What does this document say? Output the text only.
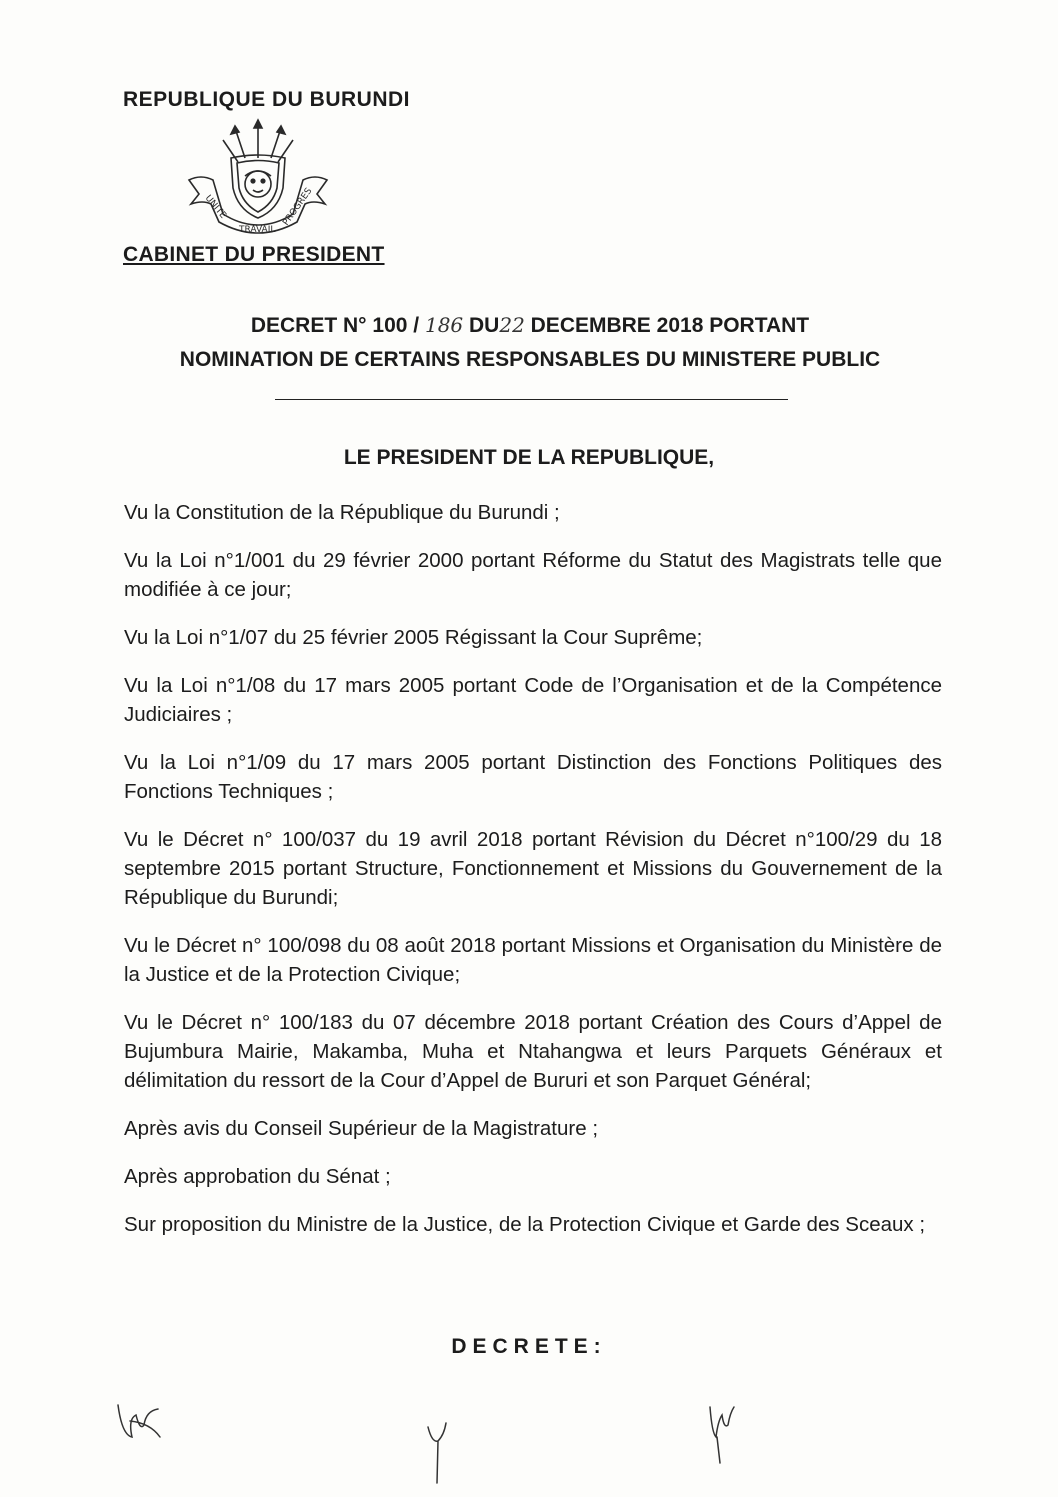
REPUBLIQUE DU BURUNDI

UNITE
TRAVAIL
PROGRES

CABINET DU PRESIDENT

DECRET N° 100 / 186 DU22 DECEMBRE 2018 PORTANT
NOMINATION DE CERTAINS RESPONSABLES DU MINISTERE PUBLIC

LE PRESIDENT DE LA REPUBLIQUE,

Vu la Constitution de la République du Burundi ;

Vu la Loi n°1/001 du 29 février 2000 portant Réforme du Statut des Magistrats telle que modifiée à ce jour;

Vu la Loi n°1/07 du 25 février 2005 Régissant la Cour Suprême;

Vu la Loi n°1/08 du 17 mars 2005 portant Code de l’Organisation et de la Compétence Judiciaires ;

Vu la Loi n°1/09 du 17 mars 2005 portant Distinction des Fonctions Politiques des Fonctions Techniques ;

Vu le Décret n° 100/037 du 19 avril 2018 portant Révision du Décret n°100/29 du 18 septembre 2015 portant Structure, Fonctionnement et Missions du Gouvernement de la République du Burundi;

Vu le Décret n° 100/098 du 08 août 2018 portant Missions et Organisation du Ministère de la Justice et de la Protection Civique;

Vu le Décret n° 100/183 du 07 décembre 2018 portant Création des Cours d’Appel de Bujumbura Mairie, Makamba, Muha et Ntahangwa et leurs Parquets Généraux et délimitation du ressort de la Cour d’Appel de Bururi et son Parquet Général;

Après avis du Conseil Supérieur de la Magistrature ;

Après approbation du Sénat ;

Sur proposition du Ministre de la Justice, de la Protection Civique et Garde des Sceaux ;

DECRETE:
